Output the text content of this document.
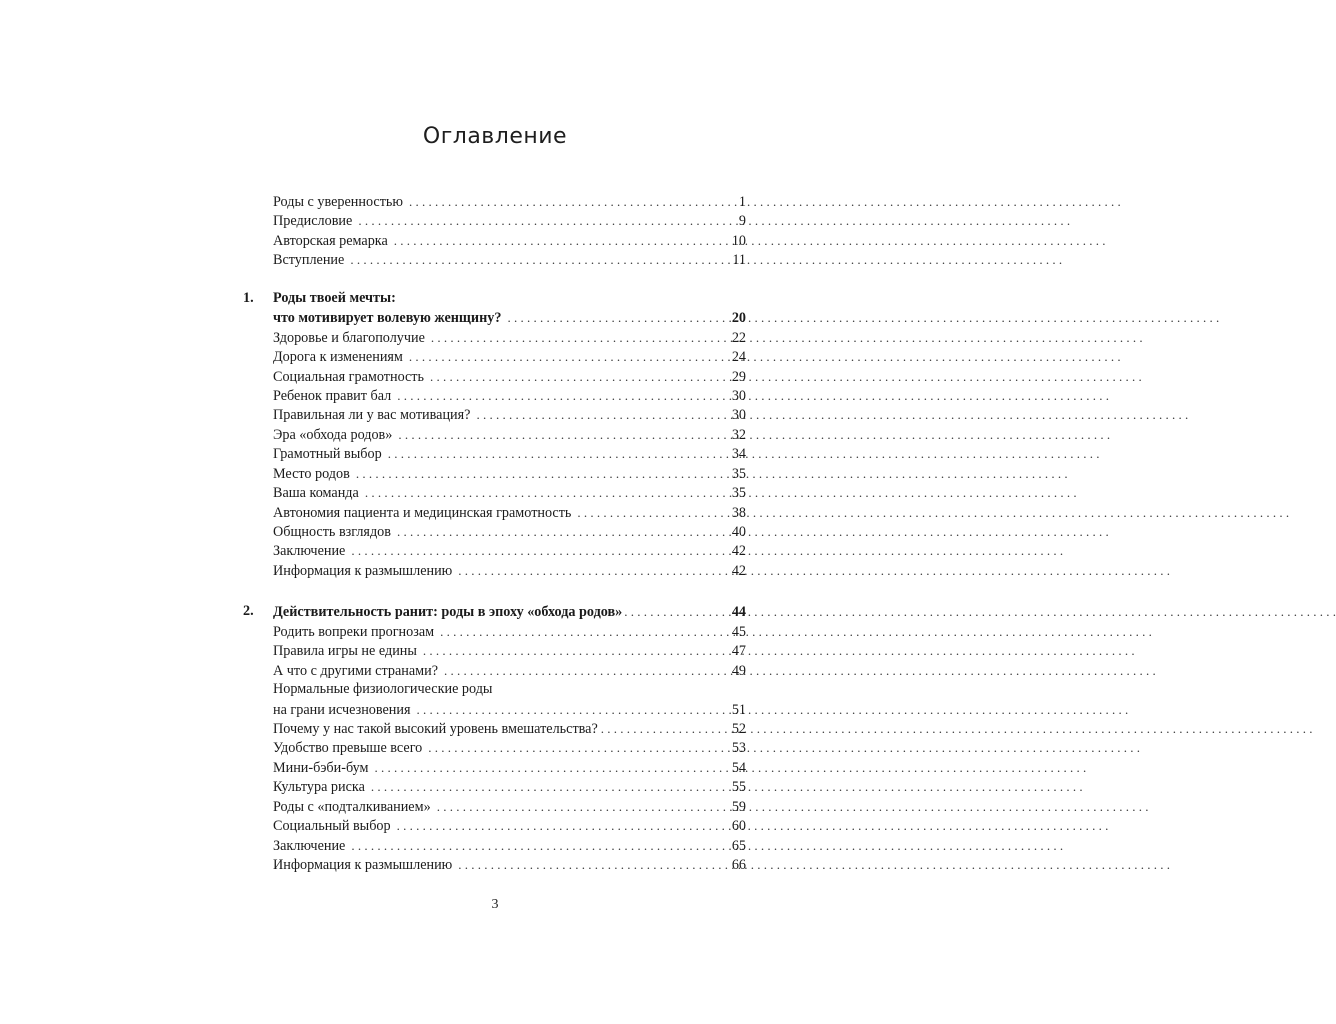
Оглавление
Роды с уверенностью . . .	1
Предисловие . . .	9
Авторская ремарка . . .	10
Вступление . . .	11
1. Роды твоей мечты:
что мотивирует волевую женщину? . . .	20
Здоровье и благополучие . . .	22
Дорога к изменениям . . .	24
Социальная грамотность . . .	29
Ребенок правит бал . . .	30
Правильная ли у вас мотивация? . . .	30
Эра «обхода родов» . . .	32
Грамотный выбор . . .	34
Место родов . . .	35
Ваша команда . . .	35
Автономия пациента и медицинская грамотность . . .	38
Общность взглядов . . .	40
Заключение . . .	42
Информация к размышлению . . .	42
2. Действительность ранит: роды в эпоху «обхода родов» . . .	44
Родить вопреки прогнозам . . .	45
Правила игры не едины . . .	47
А что с другими странами? . . .	49
Нормальные физиологические роды
на грани исчезновения . . .	51
Почему у нас такой высокий уровень вмешательства? . . .	52
Удобство превыше всего . . .	53
Мини-бэби-бум . . .	54
Культура риска . . .	55
Роды с «подталкиванием» . . .	59
Социальный выбор . . .	60
Заключение . . .	65
Информация к размышлению . . .	66
3
